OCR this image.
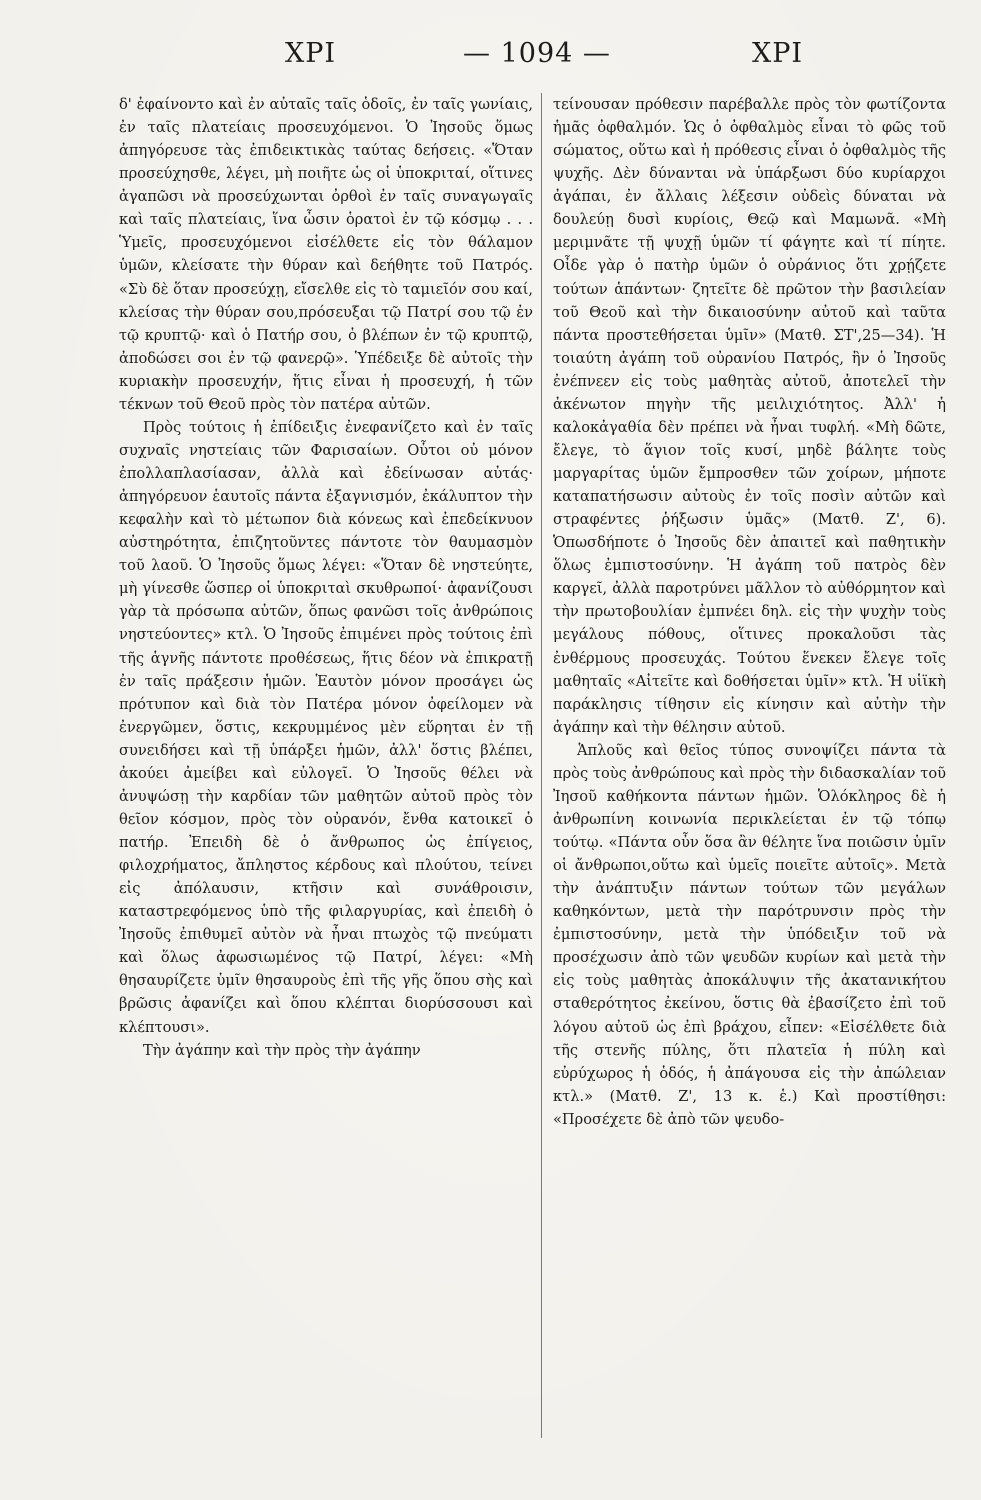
ΧΡΙ	— 1094 —	ΧΡΙ

δ' ἐφαίνοντο καὶ ἐν αὐταῖς ταῖς ὁδοῖς, ἐν ταῖς γωνίαις, ἐν ταῖς πλατείαις προσευχόμενοι. Ὁ Ἰησοῦς ὅμως ἀπηγόρευσε τὰς ἐπιδεικτικὰς ταύτας δεήσεις. «Ὅταν προσεύχησθε, λέγει, μὴ ποιῆτε ὡς οἱ ὑποκριταί, οἵτινες ἀγαπῶσι νὰ προσεύχωνται ὀρθοὶ ἐν ταῖς συναγωγαῖς καὶ ταῖς πλατείαις, ἵνα ὦσιν ὁρατοὶ ἐν τῷ κόσμῳ . . . Ὑμεῖς, προσευχόμενοι εἰσέλθετε εἰς τὸν θάλαμον ὑμῶν, κλείσατε τὴν θύραν καὶ δεήθητε τοῦ Πατρός. «Σὺ δὲ ὅταν προσεύχῃ, εἴσελθε εἰς τὸ ταμιεῖόν σου καί, κλείσας τὴν θύραν σου,πρόσευξαι τῷ Πατρί σου τῷ ἐν τῷ κρυπτῷ· καὶ ὁ Πατήρ σου, ὁ βλέπων ἐν τῷ κρυπτῷ, ἀποδώσει σοι ἐν τῷ φανερῷ». Ὑπέδειξε δὲ αὐτοῖς τὴν κυριακὴν προσευχήν, ἥτις εἶναι ἡ προσευχή, ἡ τῶν τέκνων τοῦ Θεοῦ πρὸς τὸν πατέρα αὐτῶν.

Πρὸς τούτοις ἡ ἐπίδειξις ἐνεφανίζετο καὶ ἐν ταῖς συχναῖς νηστείαις τῶν Φαρισαίων. Οὗτοι οὐ μόνον ἐπολλαπλασίασαν, ἀλλὰ καὶ ἐδείνωσαν αὐτάς· ἀπηγόρευον ἑαυτοῖς πάντα ἐξαγνισμόν, ἐκάλυπτον τὴν κεφαλὴν καὶ τὸ μέτωπον διὰ κόνεως καὶ ἐπεδείκνυον αὐστηρότητα, ἐπιζητοῦντες πάντοτε τὸν θαυμασμὸν τοῦ λαοῦ. Ὁ Ἰησοῦς ὅμως λέγει: «Ὅταν δὲ νηστεύητε, μὴ γίνεσθε ὥσπερ οἱ ὑποκριταὶ σκυθρωποί· ἀφανίζουσι γὰρ τὰ πρόσωπα αὐτῶν, ὅπως φανῶσι τοῖς ἀνθρώποις νηστεύοντες» κτλ. Ὁ Ἰησοῦς ἐπιμένει πρὸς τούτοις ἐπὶ τῆς ἁγνῆς πάντοτε προθέσεως, ἥτις δέον νὰ ἐπικρατῇ ἐν ταῖς πράξεσιν ἡμῶν. Ἑαυτὸν μόνον προσάγει ὡς πρότυπον καὶ διὰ τὸν Πατέρα μόνον ὀφείλομεν νὰ ἐνεργῶμεν, ὅστις, κεκρυμμένος μὲν εὕρηται ἐν τῇ συνειδήσει καὶ τῇ ὑπάρξει ἡμῶν, ἀλλ' ὅστις βλέπει, ἀκούει ἀμείβει καὶ εὐλογεῖ. Ὁ Ἰησοῦς θέλει νὰ ἀνυψώσῃ τὴν καρδίαν τῶν μαθητῶν αὐτοῦ πρὸς τὸν θεῖον κόσμον, πρὸς τὸν οὐρανόν, ἔνθα κατοικεῖ ὁ πατήρ. Ἐπειδὴ δὲ ὁ ἄνθρωπος ὡς ἐπίγειος, φιλοχρήματος, ἄπληστος κέρδους καὶ πλούτου, τείνει εἰς ἀπόλαυσιν, κτῆσιν καὶ συνάθροισιν, καταστρεφόμενος ὑπὸ τῆς φιλαργυρίας, καὶ ἐπειδὴ ὁ Ἰησοῦς ἐπιθυμεῖ αὐτὸν νὰ ἦναι πτωχὸς τῷ πνεύματι καὶ ὅλως ἀφωσιωμένος τῷ Πατρί, λέγει: «Μὴ θησαυρίζετε ὑμῖν θησαυροὺς ἐπὶ τῆς γῆς ὅπου σὴς καὶ βρῶσις ἀφανίζει καὶ ὅπου κλέπται διορύσσουσι καὶ κλέπτουσι».

Τὴν ἀγάπην καὶ τὴν πρὸς τὴν ἀγάπην

τείνουσαν πρόθεσιν παρέβαλλε πρὸς τὸν φωτίζοντα ἡμᾶς ὀφθαλμόν. Ὡς ὁ ὀφθαλμὸς εἶναι τὸ φῶς τοῦ σώματος, οὕτω καὶ ἡ πρόθεσις εἶναι ὁ ὀφθαλμὸς τῆς ψυχῆς. Δὲν δύνανται νὰ ὑπάρξωσι δύο κυρίαρχοι ἀγάπαι, ἐν ἄλλαις λέξεσιν οὐδεὶς δύναται νὰ δουλεύῃ δυσὶ κυρίοις, Θεῷ καὶ Μαμωνᾶ. «Μὴ μεριμνᾶτε τῇ ψυχῇ ὑμῶν τί φάγητε καὶ τί πίητε. Οἶδε γὰρ ὁ πατὴρ ὑμῶν ὁ οὐράνιος ὅτι χρῄζετε τούτων ἁπάντων· ζητεῖτε δὲ πρῶτον τὴν βασιλείαν τοῦ Θεοῦ καὶ τὴν δικαιοσύνην αὐτοῦ καὶ ταῦτα πάντα προστεθήσεται ὑμῖν» (Ματθ. ΣΤ',25—34). Ἡ τοιαύτη ἀγάπη τοῦ οὐρανίου Πατρός, ἣν ὁ Ἰησοῦς ἐνέπνεεν εἰς τοὺς μαθητὰς αὐτοῦ, ἀποτελεῖ τὴν ἀκένωτον πηγὴν τῆς μειλιχιότητος. Ἀλλ' ἡ καλοκἀγαθία δὲν πρέπει νὰ ἦναι τυφλή. «Μὴ δῶτε, ἔλεγε, τὸ ἅγιον τοῖς κυσί, μηδὲ βάλητε τοὺς μαργαρίτας ὑμῶν ἔμπροσθεν τῶν χοίρων, μήποτε καταπατήσωσιν αὐτοὺς ἐν τοῖς ποσὶν αὐτῶν καὶ στραφέντες ῥήξωσιν ὑμᾶς» (Ματθ. Ζ', 6). Ὁπωσδήποτε ὁ Ἰησοῦς δὲν ἀπαιτεῖ καὶ παθητικὴν ὅλως ἐμπιστοσύνην. Ἡ ἀγάπη τοῦ πατρὸς δὲν καργεῖ, ἀλλὰ παροτρύνει μᾶλλον τὸ αὐθόρμητον καὶ τὴν πρωτοβουλίαν ἐμπνέει δηλ. εἰς τὴν ψυχὴν τοὺς μεγάλους πόθους, οἵτινες προκαλοῦσι τὰς ἐνθέρμους προσευχάς. Τούτου ἕνεκεν ἔλεγε τοῖς μαθηταῖς «Αἰτεῖτε καὶ δοθήσεται ὑμῖν» κτλ. Ἡ υἱϊκὴ παράκλησις τίθησιν εἰς κίνησιν καὶ αὐτὴν τὴν ἀγάπην καὶ τὴν θέλησιν αὐτοῦ.

Ἁπλοῦς καὶ θεῖος τύπος συνοψίζει πάντα τὰ πρὸς τοὺς ἀνθρώπους καὶ πρὸς τὴν διδασκαλίαν τοῦ Ἰησοῦ καθήκοντα πάντων ἡμῶν. Ὁλόκληρος δὲ ἡ ἀνθρωπίνη κοινωνία περικλείεται ἐν τῷ τόπῳ τούτῳ. «Πάντα οὖν ὅσα ἂν θέλητε ἵνα ποιῶσιν ὑμῖν οἱ ἄνθρωποι,οὕτω καὶ ὑμεῖς ποιεῖτε αὐτοῖς». Μετὰ τὴν ἀνάπτυξιν πάντων τούτων τῶν μεγάλων καθηκόντων, μετὰ τὴν παρότρυνσιν πρὸς τὴν ἐμπιστοσύνην, μετὰ τὴν ὑπόδειξιν τοῦ νὰ προσέχωσιν ἀπὸ τῶν ψευδῶν κυρίων καὶ μετὰ τὴν εἰς τοὺς μαθητὰς ἀποκάλυψιν τῆς ἀκατανικήτου σταθερότητος ἐκείνου, ὅστις θὰ ἐβασίζετο ἐπὶ τοῦ λόγου αὐτοῦ ὡς ἐπὶ βράχου, εἶπεν: «Εἰσέλθετε διὰ τῆς στενῆς πύλης, ὅτι πλατεῖα ἡ πύλη καὶ εὐρύχωρος ἡ ὁδός, ἡ ἀπάγουσα εἰς τὴν ἀπώλειαν κτλ.» (Ματθ. Ζ', 13 κ. ἑ.) Καὶ προστίθησι: «Προσέχετε δὲ ἀπὸ τῶν ψευδο-
